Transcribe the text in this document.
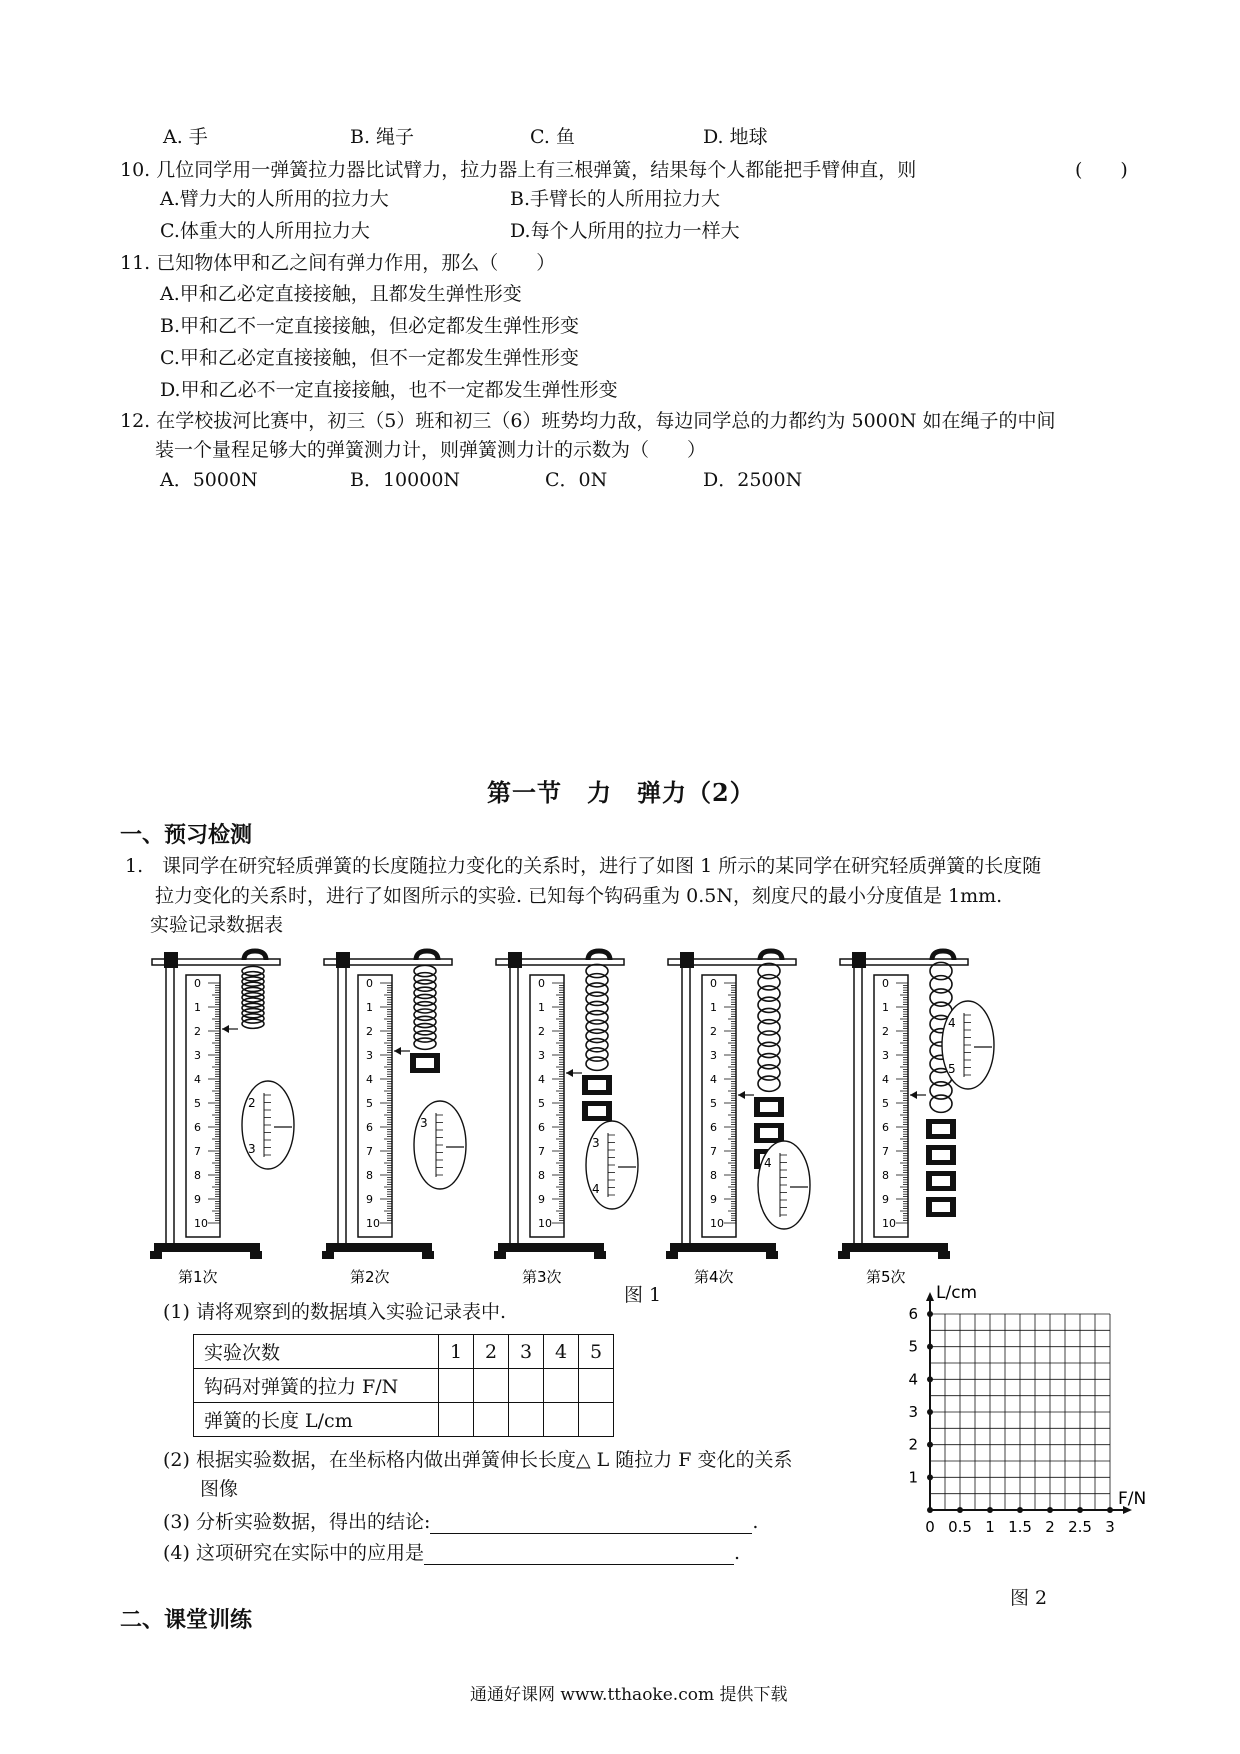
A. 手	B. 绳子	C. 鱼	D. 地球
10. 几位同学用一弹簧拉力器比试臂力，拉力器上有三根弹簧，结果每个人都能把手臂伸直，则	(　　)
A.臂力大的人所用的拉力大	B.手臂长的人所用拉力大
C.体重大的人所用拉力大	D.每个人所用的拉力一样大
11. 已知物体甲和乙之间有弹力作用，那么（　　）
A.甲和乙必定直接接触，且都发生弹性形变
B.甲和乙不一定直接接触，但必定都发生弹性形变
C.甲和乙必定直接接触，但不一定都发生弹性形变
D.甲和乙必不一定直接接触，也不一定都发生弹性形变
12. 在学校拔河比赛中，初三（5）班和初三（6）班势均力敌，每边同学总的力都约为 5000N 如在绳子的中间
装一个量程足够大的弹簧测力计，则弹簧测力计的示数为（　　）
A．5000N	B．10000N	C．0N	D．2500N
第一节　力　弹力（2）
一、预习检测
1.　课同学在研究轻质弹簧的长度随拉力变化的关系时，进行了如图 1 所示的某同学在研究轻质弹簧的长度随
拉力变化的关系时，进行了如图所示的实验. 已知每个钩码重为 0.5N，刻度尺的最小分度值是 1mm.
实验记录数据表
0
1
2
3
4
5
6
7
8
9
10
2
3
第1次
0
1
2
3
4
5
6
7
8
9
10
3
第2次
0
1
2
3
4
5
6
7
8
9
10
3
4
第3次
0
1
2
3
4
5
6
7
8
9
10
4
第4次
0
1
2
3
4
5
6
7
8
9
10
4
5
第5次
图 1
(1) 请将观察到的数据填入实验记录表中.
实验次数	1	2	3	4	5
钩码对弹簧的拉力 F/N					
弹簧的长度 L/cm					
(2) 根据实验数据，在坐标格内做出弹簧伸长长度△ L 随拉力 F 变化的关系
图像
(3) 分析实验数据，得出的结论:	.
(4) 这项研究在实际中的应用是	.
0 0.5 1 1.5 2 2.5 3
1
2
3
4
5
6
L/cm
F/N
图 2
二、课堂训练
通通好课网 www.tthaoke.com 提供下载
